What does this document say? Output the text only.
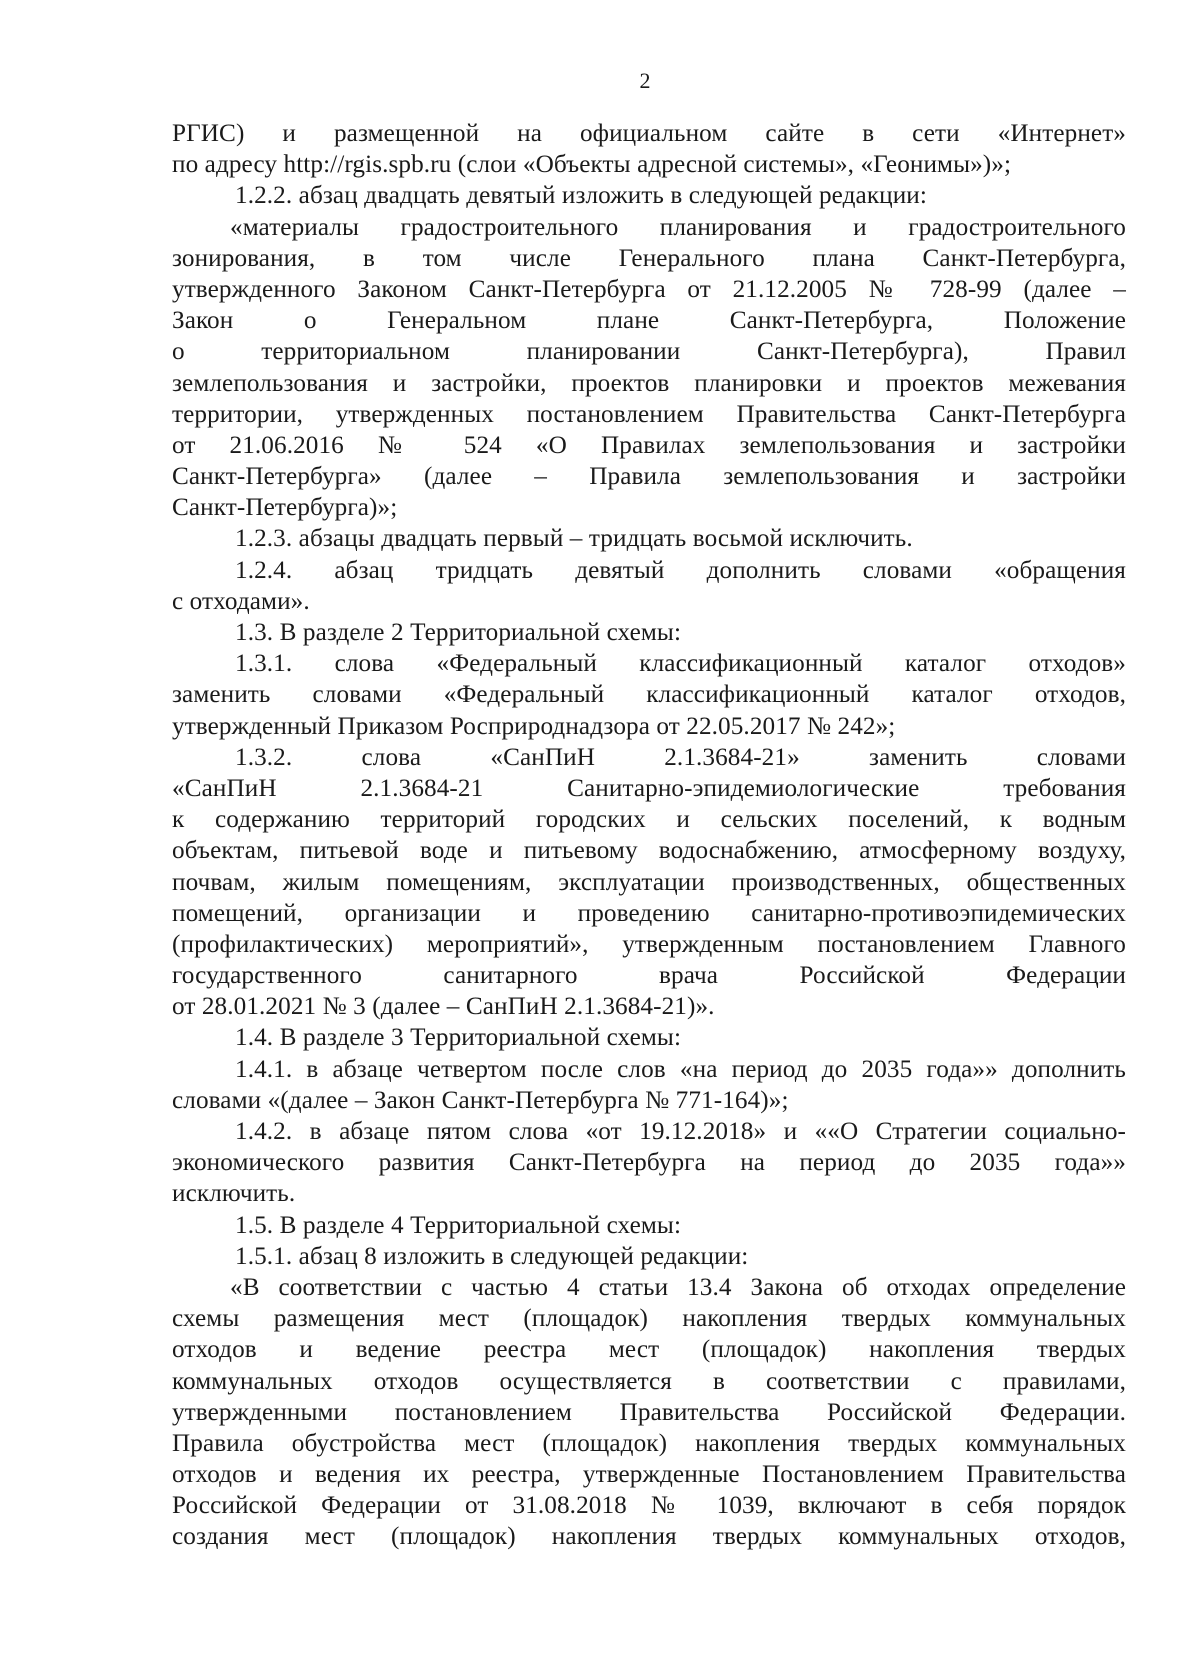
2
РГИС) и размещенной на официальном сайте в сети «Интернет»
по адресу http://rgis.spb.ru (слои «Объекты адресной системы», «Геонимы»)»;
1.2.2. абзац двадцать девятый изложить в следующей редакции:
«материалы градостроительного планирования и градостроительного
зонирования, в том числе Генерального плана Санкт-Петербурга,
утвержденного Законом Санкт-Петербурга от 21.12.2005 № 728-99 (далее –
Закон о Генеральном плане Санкт-Петербурга, Положение
о территориальном планировании Санкт-Петербурга), Правил
землепользования и застройки, проектов планировки и проектов межевания
территории, утвержденных постановлением Правительства Санкт-Петербурга
от 21.06.2016 № 524 «О Правилах землепользования и застройки
Санкт-Петербурга» (далее – Правила землепользования и застройки
Санкт-Петербурга)»;
1.2.3. абзацы двадцать первый – тридцать восьмой исключить.
1.2.4. абзац тридцать девятый дополнить словами «обращения
с отходами».
1.3. В разделе 2 Территориальной схемы:
1.3.1. слова «Федеральный классификационный каталог отходов»
заменить словами «Федеральный классификационный каталог отходов,
утвержденный Приказом Росприроднадзора от 22.05.2017 № 242»;
1.3.2. слова «СанПиН 2.1.3684-21» заменить словами
«СанПиН 2.1.3684-21 Санитарно-эпидемиологические требования
к содержанию территорий городских и сельских поселений, к водным
объектам, питьевой воде и питьевому водоснабжению, атмосферному воздуху,
почвам, жилым помещениям, эксплуатации производственных, общественных
помещений, организации и проведению санитарно-противоэпидемических
(профилактических) мероприятий», утвержденным постановлением Главного
государственного санитарного врача Российской Федерации
от 28.01.2021 № 3 (далее – СанПиН 2.1.3684-21)».
1.4. В разделе 3 Территориальной схемы:
1.4.1. в абзаце четвертом после слов «на период до 2035 года»» дополнить
словами «(далее – Закон Санкт-Петербурга № 771-164)»;
1.4.2. в абзаце пятом слова «от 19.12.2018» и ««О Стратегии социально-
экономического развития Санкт-Петербурга на период до 2035 года»»
исключить.
1.5. В разделе 4 Территориальной схемы:
1.5.1. абзац 8 изложить в следующей редакции:
«В соответствии с частью 4 статьи 13.4 Закона об отходах определение
схемы размещения мест (площадок) накопления твердых коммунальных
отходов и ведение реестра мест (площадок) накопления твердых
коммунальных отходов осуществляется в соответствии с правилами,
утвержденными постановлением Правительства Российской Федерации.
Правила обустройства мест (площадок) накопления твердых коммунальных
отходов и ведения их реестра, утвержденные Постановлением Правительства
Российской Федерации от 31.08.2018 № 1039, включают в себя порядок
создания мест (площадок) накопления твердых коммунальных отходов,
